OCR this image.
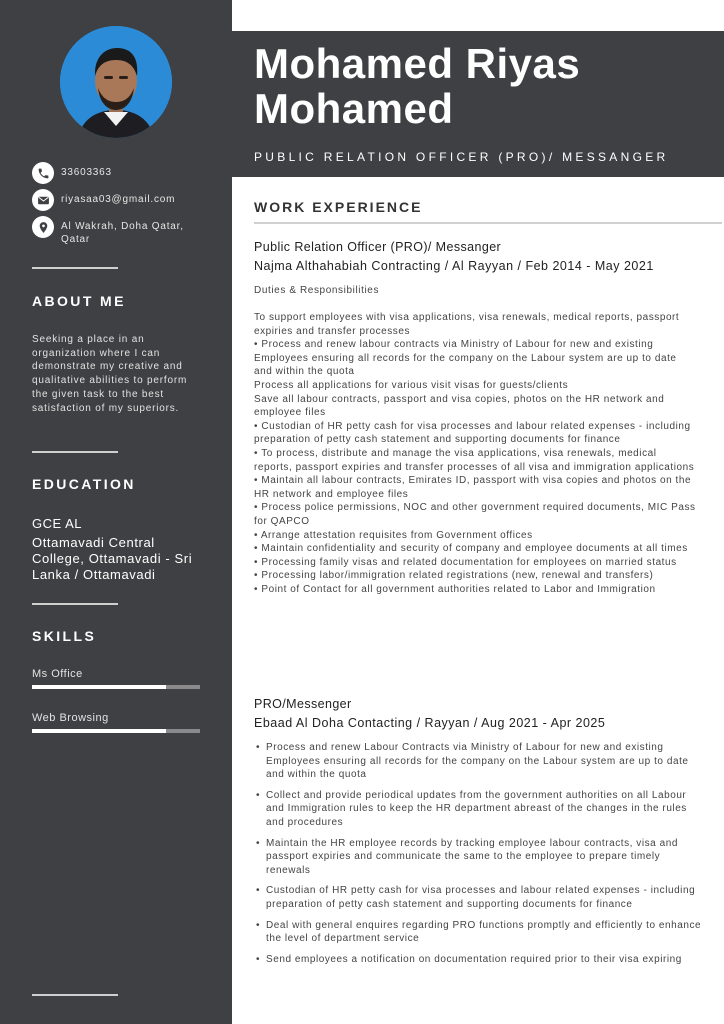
33603363
riyasaa03@gmail.com
Al Wakrah, Doha Qatar, Qatar
ABOUT ME

Seeking a place in an organization where I can demonstrate my creative and qualitative abilities to perform the given task to the best satisfaction of my superiors.

EDUCATION
GCE AL

Ottamavadi Central College, Ottamavadi - Sri Lanka / Ottamavadi

SKILLS
Ms Office
Web Browsing
Mohamed Riyas Mohamed
PUBLIC RELATION OFFICER (PRO)/ MESSANGER
WORK EXPERIENCE
Public Relation Officer (PRO)/ Messanger
Najma Althahabiah Contracting / Al Rayyan / Feb 2014 - May 2021
Duties & Responsibilities

To support employees with visa applications, visa renewals, medical reports, passport expiries and transfer processes

• Process and renew labour contracts via Ministry of Labour for new and existing Employees ensuring all records for the company on the Labour system are up to date and within the quota

Process all applications for various visit visas for guests/clients

Save all labour contracts, passport and visa copies, photos on the HR network and employee files

• Custodian of HR petty cash for visa processes and labour related expenses - including preparation of petty cash statement and supporting documents for finance

• To process, distribute and manage the visa applications, visa renewals, medical reports, passport expiries and transfer processes of all visa and immigration applications

• Maintain all labour contracts, Emirates ID, passport with visa copies and photos on the HR network and employee files

• Process police permissions, NOC and other government required documents, MIC Pass for QAPCO

• Arrange attestation requisites from Government offices

• Maintain confidentiality and security of company and employee documents at all times

• Processing family visas and related documentation for employees on married status

• Processing labor/immigration related registrations (new, renewal and transfers)

• Point of Contact for all government authorities related to Labor and Immigration

PRO/Messenger
Ebaad Al Doha Contacting / Rayyan / Aug 2021 - Apr 2025
• Process and renew Labour Contracts via Ministry of Labour for new and existing Employees ensuring all records for the company on the Labour system are up to date and within the quota
• Collect and provide periodical updates from the government authorities on all Labour and Immigration rules to keep the HR department abreast of the changes in the rules and procedures
• Maintain the HR employee records by tracking employee labour contracts, visa and passport expiries and communicate the same to the employee to prepare timely renewals
• Custodian of HR petty cash for visa processes and labour related expenses - including preparation of petty cash statement and supporting documents for finance
• Deal with general enquires regarding PRO functions promptly and efficiently to enhance the level of department service
• Send employees a notification on documentation required prior to their visa expiring
